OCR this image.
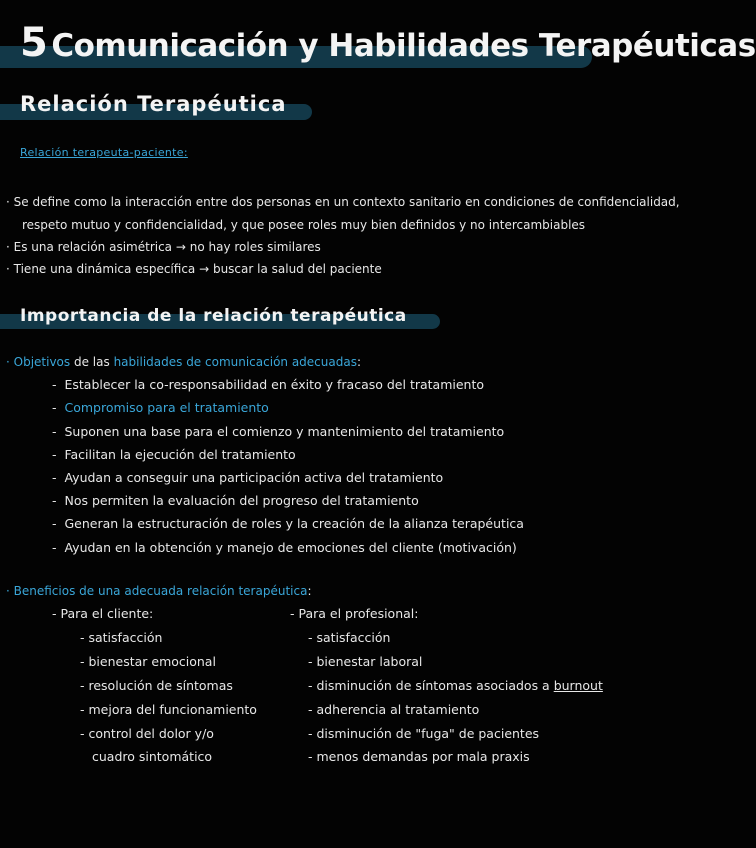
5 Comunicación y Habilidades Terapéuticas
Relación Terapéutica
Relación terapeuta-paciente:
· Se define como la interacción entre dos personas en un contexto sanitario en condiciones de confidencialidad,
respeto mutuo y confidencialidad, y que posee roles muy bien definidos y no intercambiables
· Es una relación asimétrica → no hay roles similares
· Tiene una dinámica específica → buscar la salud del paciente
Importancia de la relación terapéutica
· Objetivos de las habilidades de comunicación adecuadas:
-  Establecer la co-responsabilidad en éxito y fracaso del tratamiento
-  Compromiso para el tratamiento
-  Suponen una base para el comienzo y mantenimiento del tratamiento
-  Facilitan la ejecución del tratamiento
-  Ayudan a conseguir una participación activa del tratamiento
-  Nos permiten la evaluación del progreso del tratamiento
-  Generan la estructuración de roles y la creación de la alianza terapéutica
-  Ayudan en la obtención y manejo de emociones del cliente (motivación)
· Beneficios de una adecuada relación terapéutica:
- Para el cliente:	- Para el profesional:
- satisfacción
- bienestar emocional
- resolución de síntomas
- mejora del funcionamiento
- control del dolor y/o
cuadro sintomático
- satisfacción
- bienestar laboral
- disminución de síntomas asociados a burnout
- adherencia al tratamiento
- disminución de "fuga" de pacientes
- menos demandas por mala praxis
